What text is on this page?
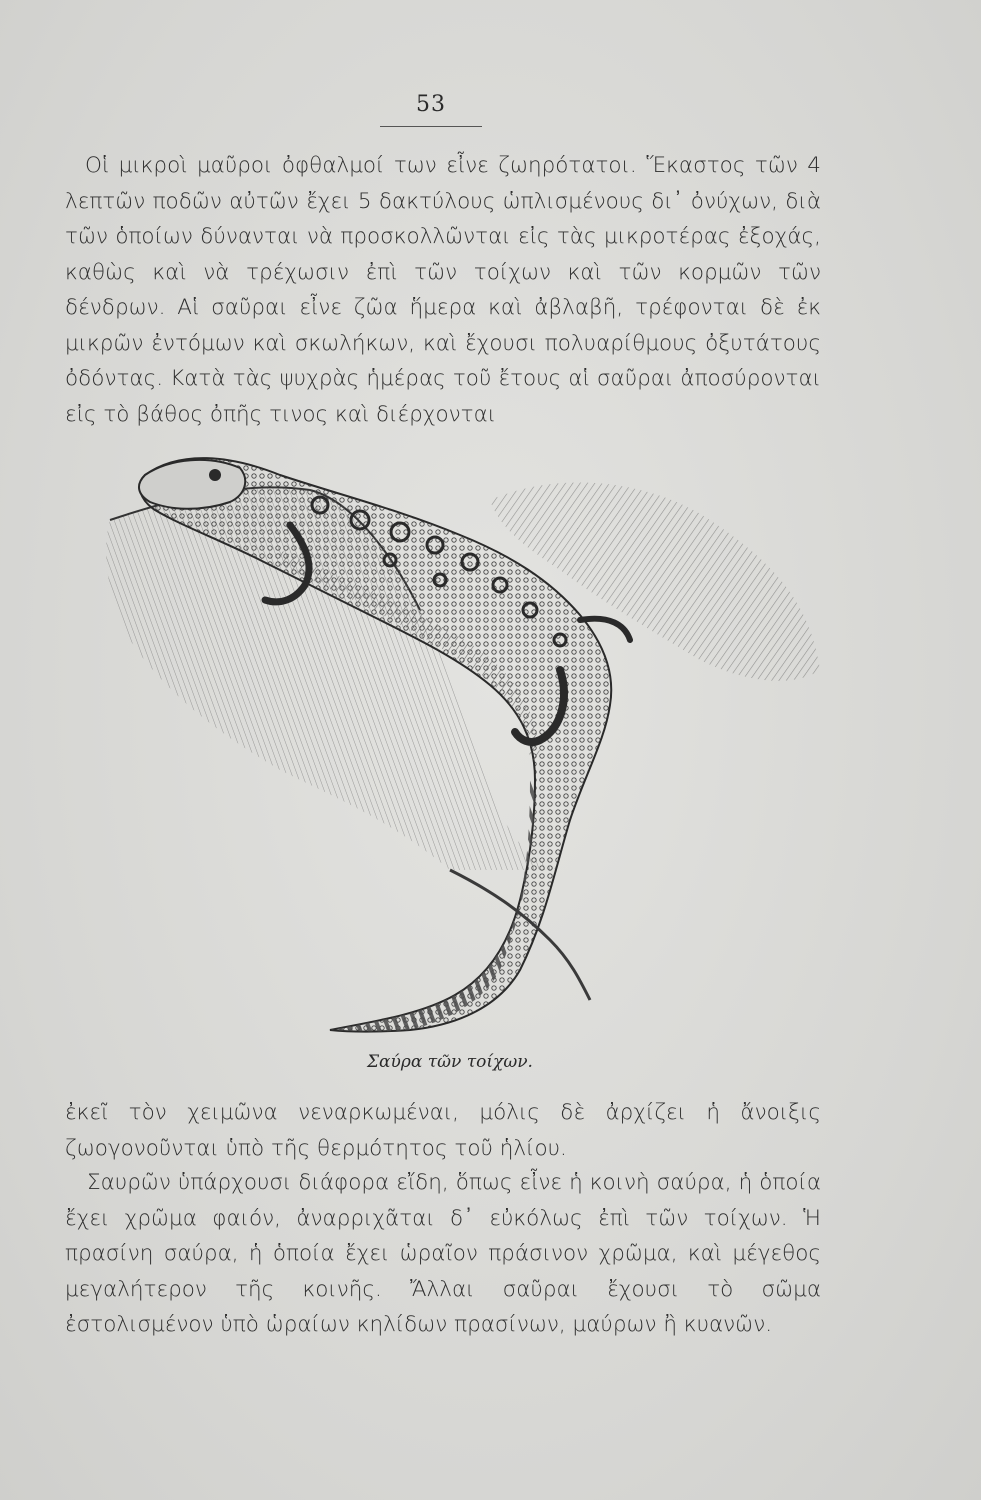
53

Οἱ μικροὶ μαῦροι ὀφθαλμοί των εἶνε ζωηρότατοι. Ἕκαστος τῶν 4 λεπτῶν ποδῶν αὐτῶν ἔχει 5 δακτύλους ὡπλισμένους δι᾽ ὀνύχων, διὰ τῶν ὁποίων δύνανται νὰ προσκολλῶνται εἰς τὰς μικροτέρας ἐξοχάς, καθὼς καὶ νὰ τρέχωσιν ἐπὶ τῶν τοίχων καὶ τῶν κορμῶν τῶν δένδρων. Αἱ σαῦραι εἶνε ζῶα ἥμερα καὶ ἀβλαβῆ, τρέφονται δὲ ἐκ μικρῶν ἐντόμων καὶ σκωλήκων, καὶ ἔχουσι πολυαρίθμους ὀξυτάτους ὀδόντας. Κατὰ τὰς ψυχρὰς ἡμέρας τοῦ ἔτους αἱ σαῦραι ἀποσύρονται εἰς τὸ βάθος ὀπῆς τινος καὶ διέρχονται

Σαύρα τῶν τοίχων.

ἐκεῖ τὸν χειμῶνα νεναρκωμέναι, μόλις δὲ ἀρχίζει ἡ ἄνοιξις ζωογονοῦνται ὑπὸ τῆς θερμότητος τοῦ ἡλίου.

Σαυρῶν ὑπάρχουσι διάφορα εἴδη, ὅπως εἶνε ἡ κοινὴ σαύρα, ἡ ὁποία ἔχει χρῶμα φαιόν, ἀναρριχᾶται δ᾽ εὐκόλως ἐπὶ τῶν τοίχων. Ἡ πρασίνη σαύρα, ἡ ὁποία ἔχει ὡραῖον πράσινον χρῶμα, καὶ μέγεθος μεγαλήτερον τῆς κοινῆς. Ἄλλαι σαῦραι ἔχουσι τὸ σῶμα ἐστολισμένον ὑπὸ ὡραίων κηλίδων πρασίνων, μαύρων ἢ κυανῶν.
